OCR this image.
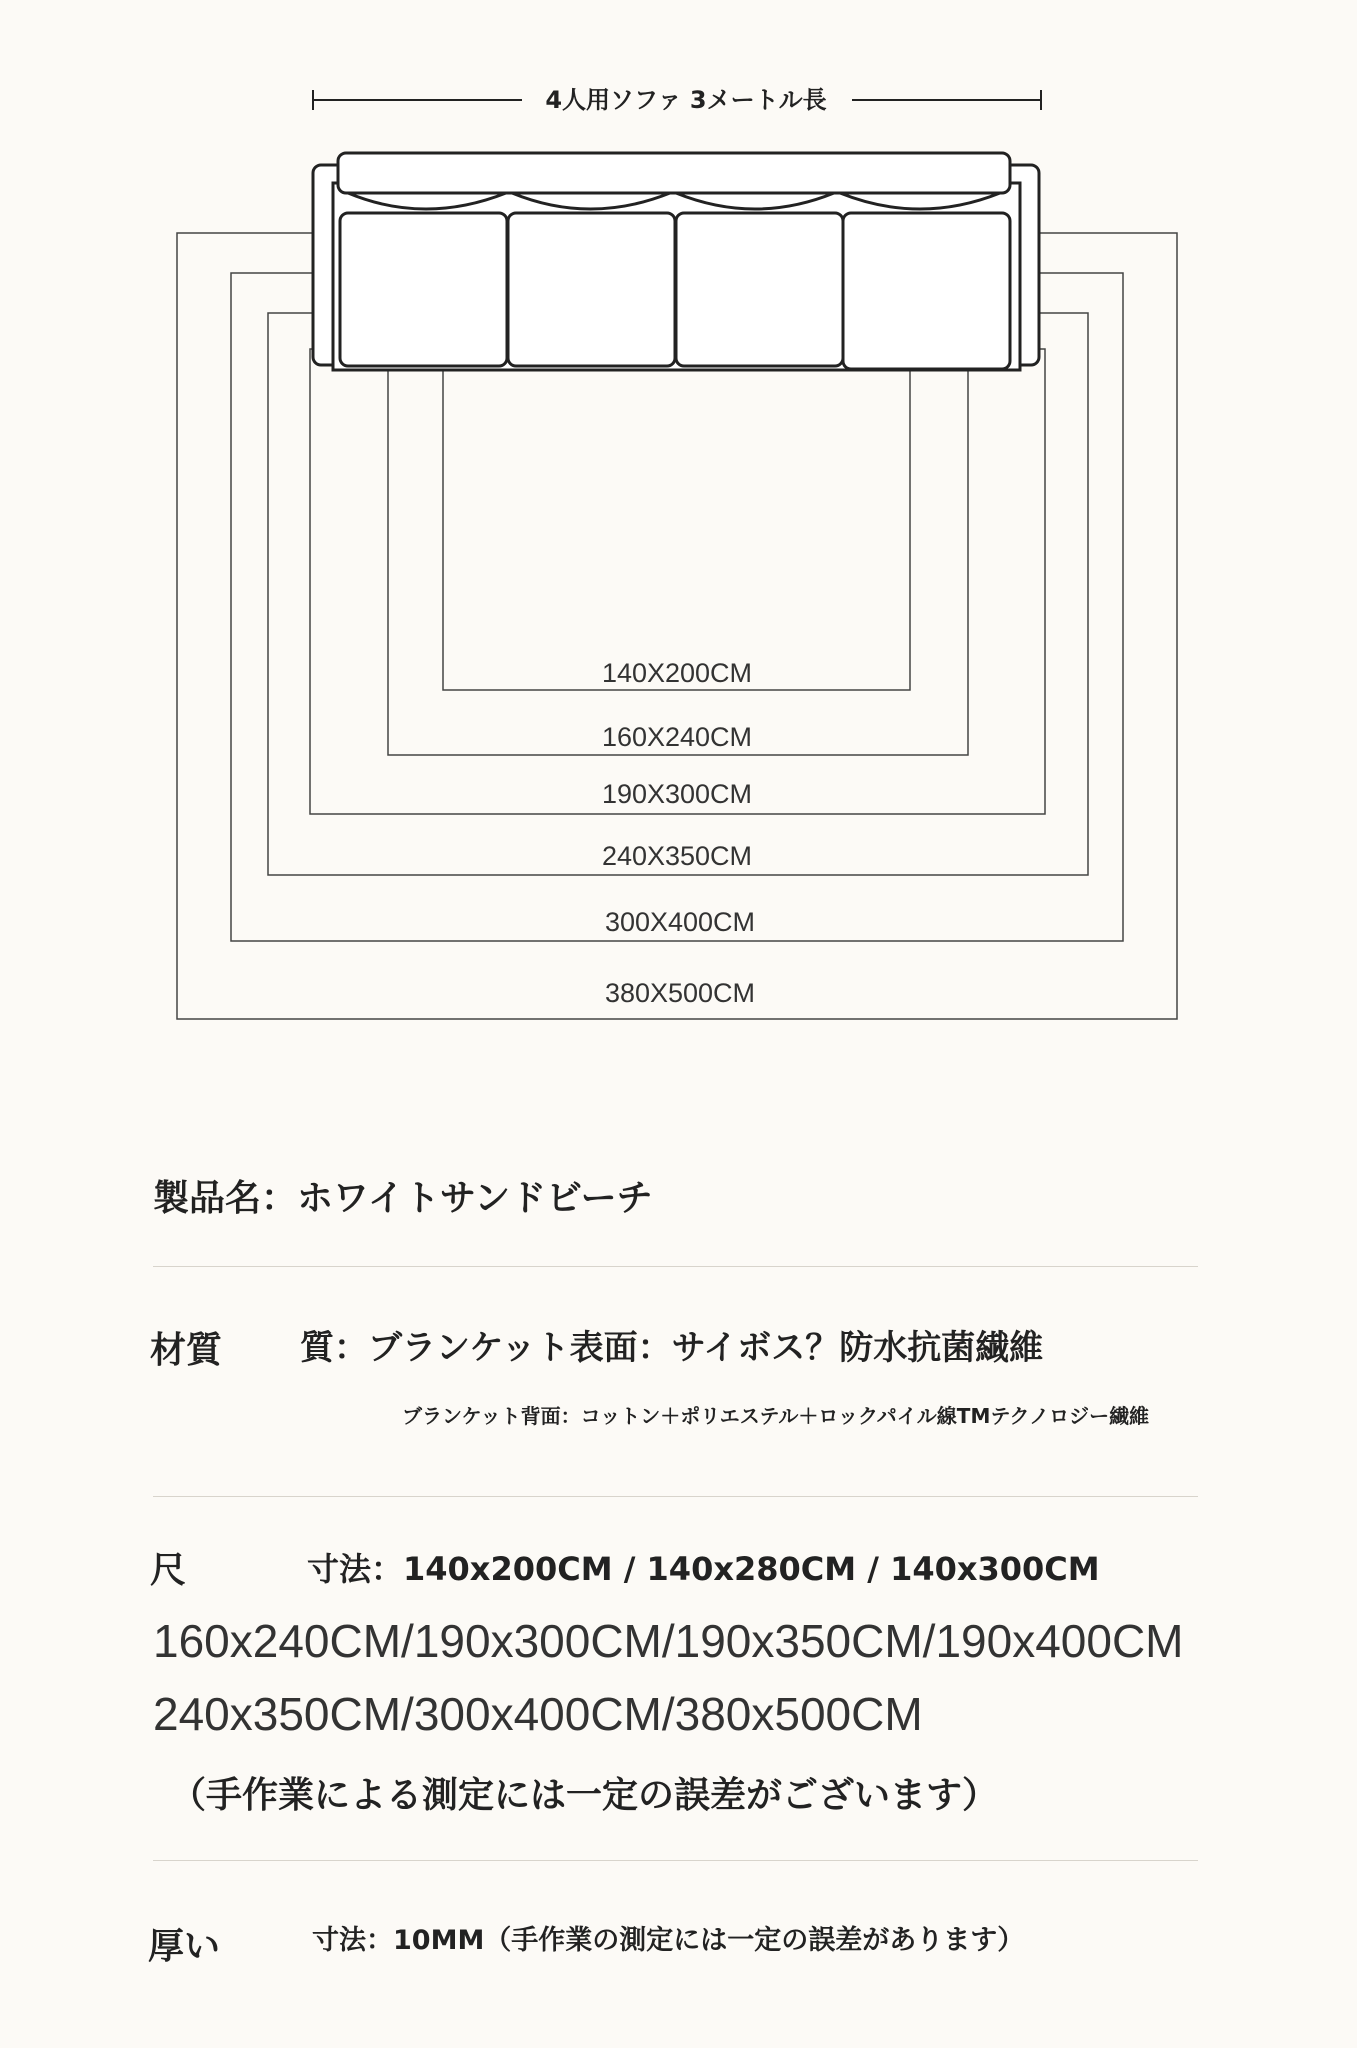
140X200CM
160X240CM
190X300CM
240X350CM
300X400CM
380X500CM
4人用ソファ 3メートル長
製品名：ホワイトサンドビーチ
材質 質：ブランケット表面：サイボス？防水抗菌繊維
ブランケット背面：コットン＋ポリエステル＋ロックパイル線TMテクノロジー繊維
尺	寸法：140x200CM / 140x280CM / 140x300CM
160x240CM/190x300CM/190x350CM/190x400CM
240x350CM/300x400CM/380x500CM
（手作業による測定には一定の誤差がございます）
厚い	寸法：10MM（手作業の測定には一定の誤差があります）
